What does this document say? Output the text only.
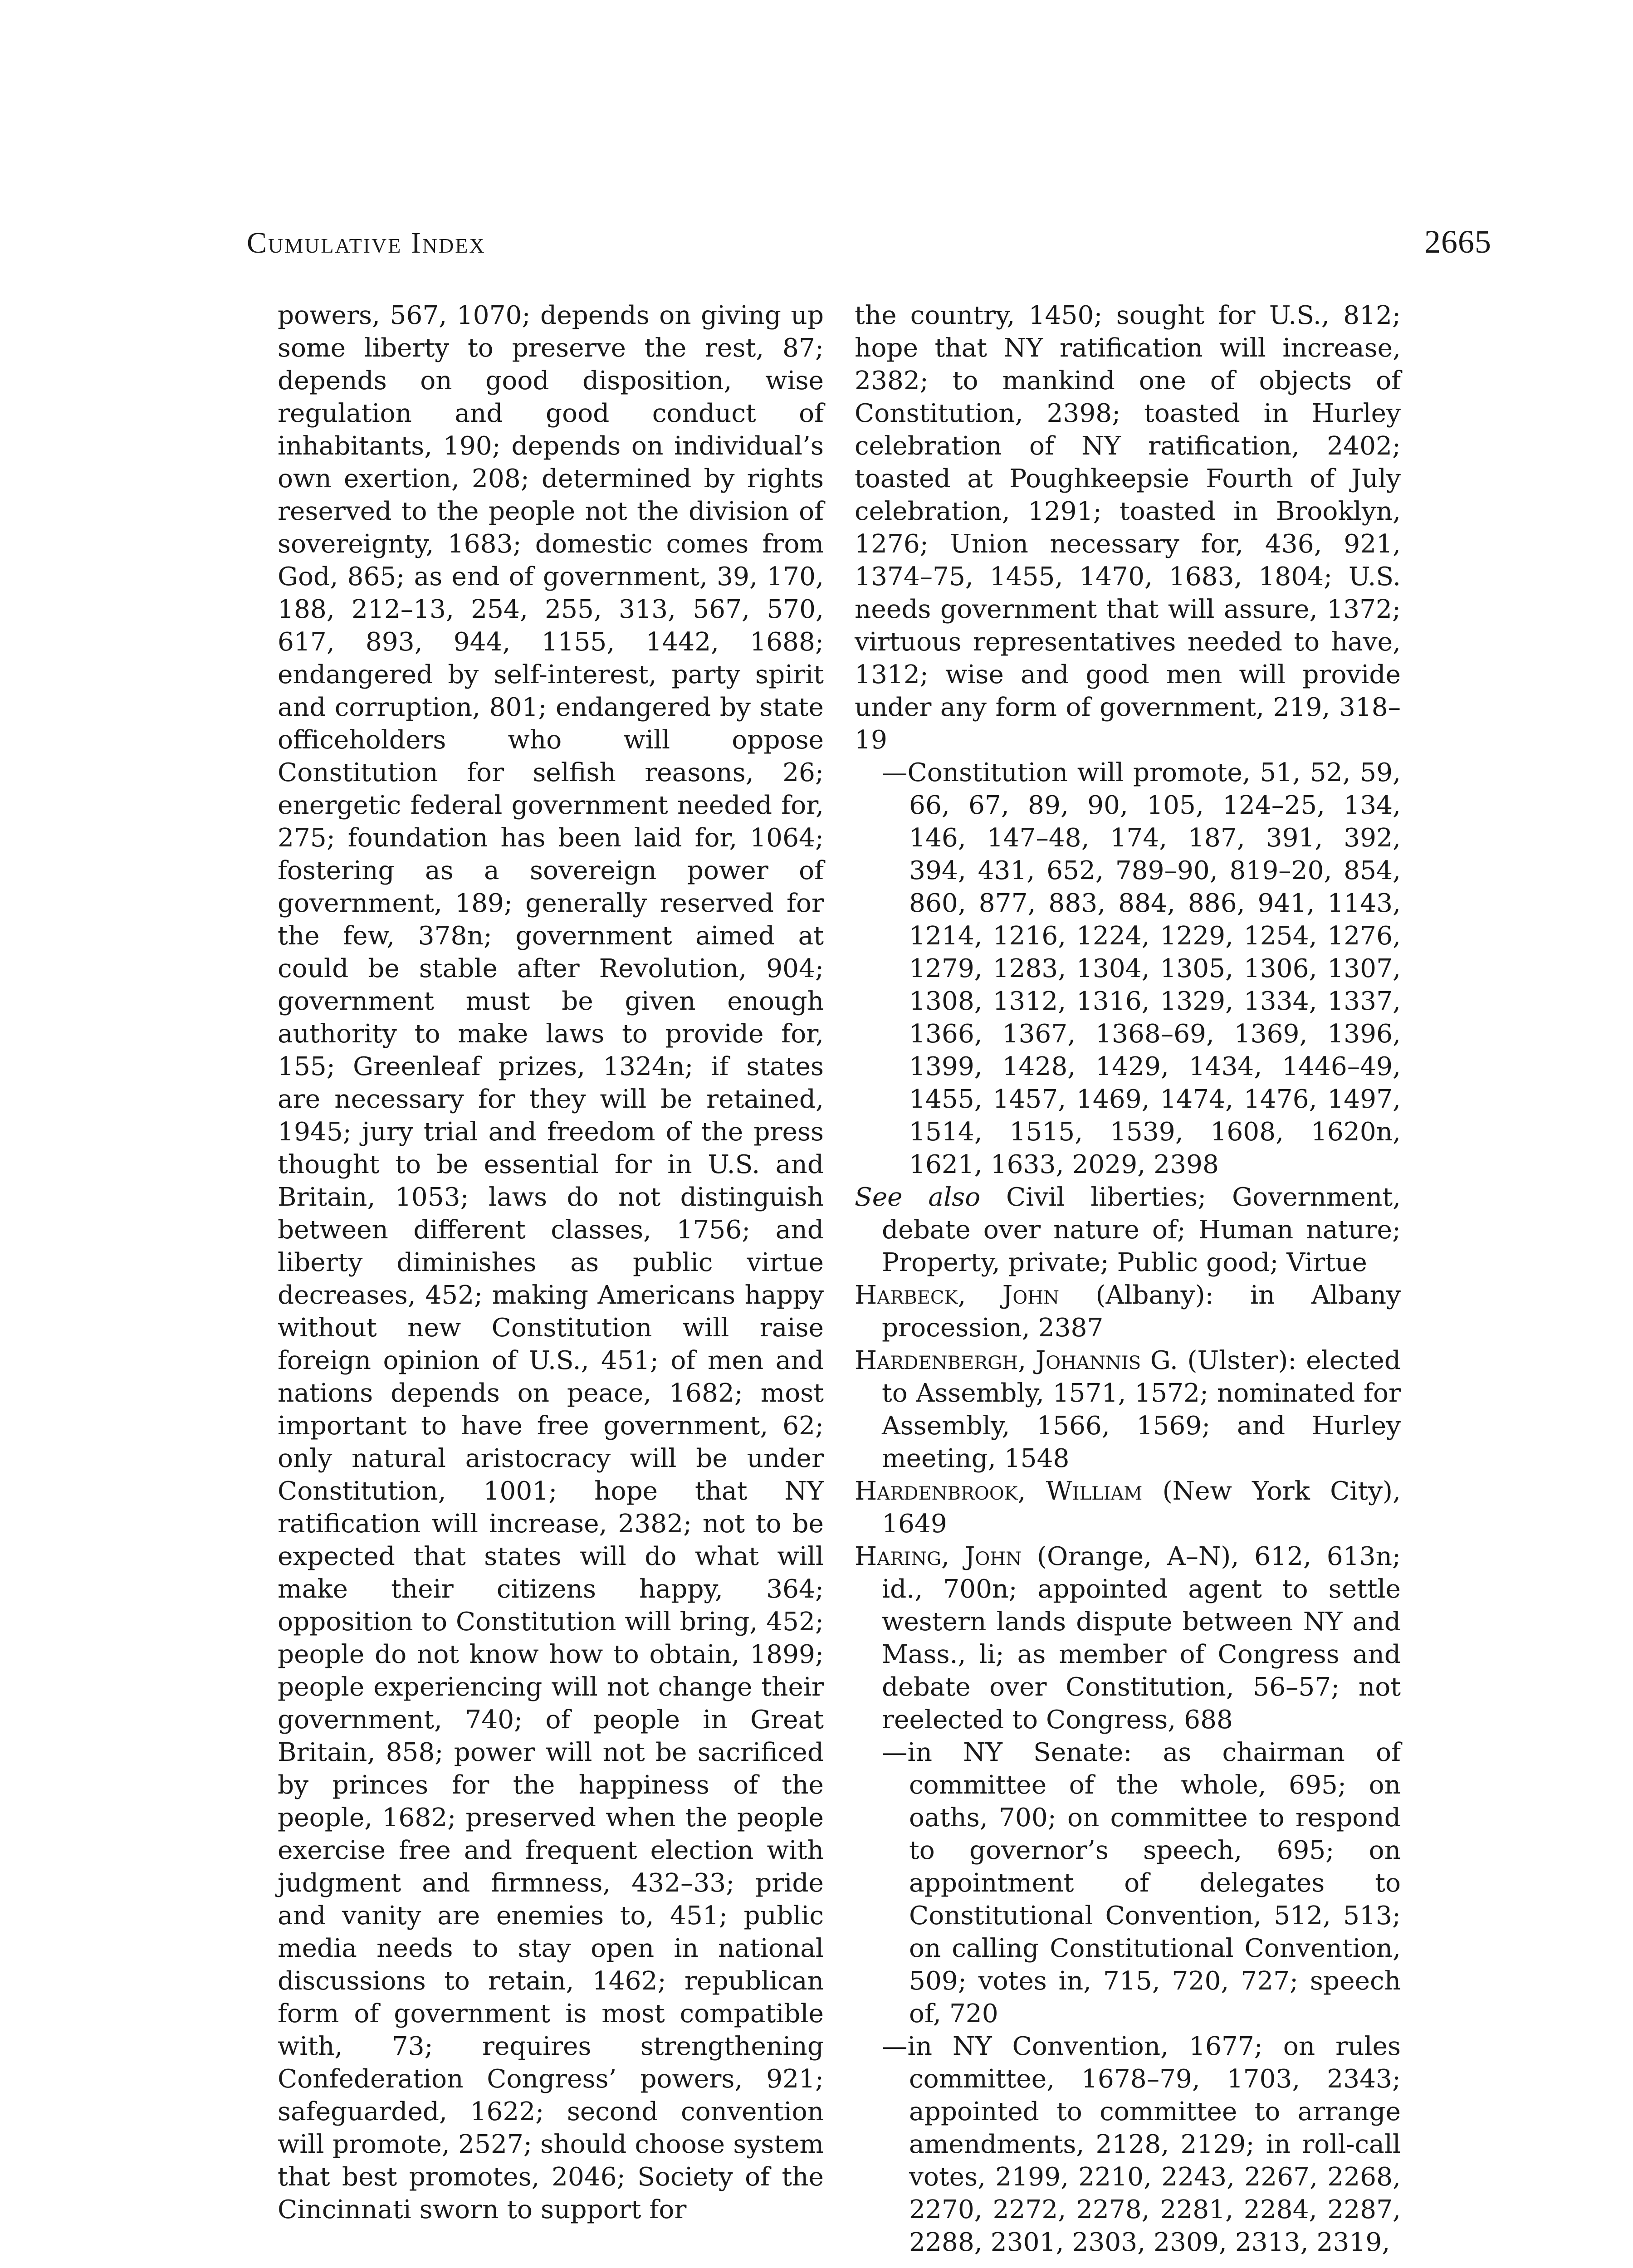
Cumulative Index	2665

powers, 567, 1070; depends on giving up some liberty to preserve the rest, 87; depends on good disposition, wise regulation and good conduct of inhabitants, 190; depends on individual’s own exertion, 208; determined by rights reserved to the people not the division of sovereignty, 1683; domestic comes from God, 865; as end of government, 39, 170, 188, 212–13, 254, 255, 313, 567, 570, 617, 893, 944, 1155, 1442, 1688; endangered by self-interest, party spirit and corruption, 801; endangered by state officeholders who will oppose Constitution for selfish reasons, 26; energetic federal government needed for, 275; foundation has been laid for, 1064; fostering as a sovereign power of government, 189; generally reserved for the few, 378n; government aimed at could be stable after Revolution, 904; government must be given enough authority to make laws to provide for, 155; Greenleaf prizes, 1324n; if states are necessary for they will be retained, 1945; jury trial and freedom of the press thought to be essential for in U.S. and Britain, 1053; laws do not distinguish between different classes, 1756; and liberty diminishes as public virtue decreases, 452; making Americans happy without new Constitution will raise foreign opinion of U.S., 451; of men and nations depends on peace, 1682; most important to have free government, 62; only natural aristocracy will be under Constitution, 1001; hope that NY ratification will increase, 2382; not to be expected that states will do what will make their citizens happy, 364; opposition to Constitution will bring, 452; people do not know how to obtain, 1899; people experiencing will not change their government, 740; of people in Great Britain, 858; power will not be sacrificed by princes for the happiness of the people, 1682; preserved when the people exercise free and frequent election with judgment and firmness, 432–33; pride and vanity are enemies to, 451; public media needs to stay open in national discussions to retain, 1462; republican form of government is most compatible with, 73; requires strengthening Confederation Congress’ powers, 921; safeguarded, 1622; second convention will promote, 2527; should choose system that best promotes, 2046; Society of the Cincinnati sworn to support for

the country, 1450; sought for U.S., 812; hope that NY ratification will increase, 2382; to mankind one of objects of Constitution, 2398; toasted in Hurley celebration of NY ratification, 2402; toasted at Poughkeepsie Fourth of July celebration, 1291; toasted in Brooklyn, 1276; Union necessary for, 436, 921, 1374–75, 1455, 1470, 1683, 1804; U.S. needs government that will assure, 1372; virtuous representatives needed to have, 1312; wise and good men will provide under any form of government, 219, 318–19

—Constitution will promote, 51, 52, 59, 66, 67, 89, 90, 105, 124–25, 134, 146, 147–48, 174, 187, 391, 392, 394, 431, 652, 789–90, 819–20, 854, 860, 877, 883, 884, 886, 941, 1143, 1214, 1216, 1224, 1229, 1254, 1276, 1279, 1283, 1304, 1305, 1306, 1307, 1308, 1312, 1316, 1329, 1334, 1337, 1366, 1367, 1368–69, 1369, 1396, 1399, 1428, 1429, 1434, 1446–49, 1455, 1457, 1469, 1474, 1476, 1497, 1514, 1515, 1539, 1608, 1620n, 1621, 1633, 2029, 2398

See also Civil liberties; Government, debate over nature of; Human nature; Property, private; Public good; Virtue

Harbeck, John (Albany): in Albany procession, 2387

Hardenbergh, Johannis G. (Ulster): elected to Assembly, 1571, 1572; nominated for Assembly, 1566, 1569; and Hurley meeting, 1548

Hardenbrook, William (New York City), 1649

Haring, John (Orange, A–N), 612, 613n; id., 700n; appointed agent to settle western lands dispute between NY and Mass., li; as member of Congress and debate over Constitution, 56–57; not reelected to Congress, 688

—in NY Senate: as chairman of committee of the whole, 695; on oaths, 700; on committee to respond to governor’s speech, 695; on appointment of delegates to Constitutional Convention, 512, 513; on calling Constitutional Convention, 509; votes in, 715, 720, 727; speech of, 720

—in NY Convention, 1677; on rules committee, 1678–79, 1703, 2343; appointed to committee to arrange amendments, 2128, 2129; in roll-call votes, 2199, 2210, 2243, 2267, 2268, 2270, 2272, 2278, 2281, 2284, 2287, 2288, 2301, 2303, 2309, 2313, 2319,
